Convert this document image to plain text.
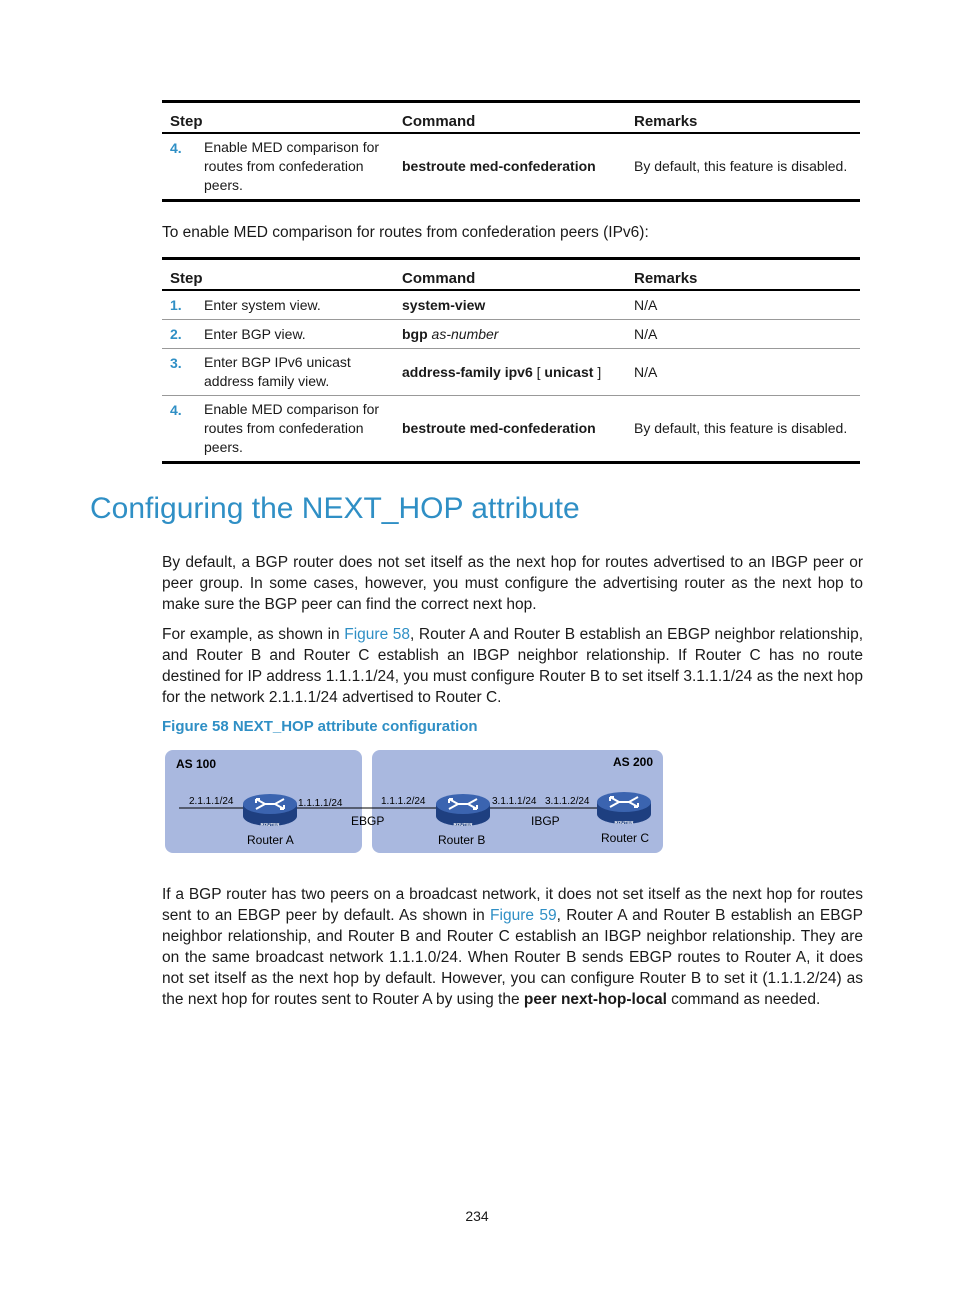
Step		Command	Remarks
4.	Enable MED comparison for routes from confederation peers.	bestroute med-confederation	By default, this feature is disabled.

To enable MED comparison for routes from confederation peers (IPv6):

Step		Command	Remarks
1.	Enter system view.	system-view	N/A
2.	Enter BGP view.	bgp as-number	N/A
3.	Enter BGP IPv6 unicast address family view.	address-family ipv6 [ unicast ]	N/A
4.	Enable MED comparison for routes from confederation peers.	bestroute med-confederation	By default, this feature is disabled.
Configuring the NEXT_HOP attribute

By default, a BGP router does not set itself as the next hop for routes advertised to an IBGP peer or peer group. In some cases, however, you must configure the advertising router as the next hop to make sure the BGP peer can find the correct next hop.

For example, as shown in Figure 58, Router A and Router B establish an EBGP neighbor relationship, and Router B and Router C establish an IBGP neighbor relationship. If Router C has no route destined for IP address 1.1.1.1/24, you must configure Router B to set itself 3.1.1.1/24 as the next hop for the network 2.1.1.1/24 advertised to Router C.

Figure 58 NEXT_HOP attribute configuration
AS 100	AS 200
ROUTER	ROUTER	ROUTER
2.1.1.1/24	1.1.1.1/24	1.1.1.2/24	3.1.1.1/24 3.1.1.2/24
EBGP	IBGP
Router A	Router B	Router C

If a BGP router has two peers on a broadcast network, it does not set itself as the next hop for routes sent to an EBGP peer by default. As shown in Figure 59, Router A and Router B establish an EBGP neighbor relationship, and Router B and Router C establish an IBGP neighbor relationship. They are on the same broadcast network 1.1.1.0/24. When Router B sends EBGP routes to Router A, it does not set itself as the next hop by default. However, you can configure Router B to set it (1.1.1.2/24) as the next hop for routes sent to Router A by using the peer next-hop-local command as needed.

234
